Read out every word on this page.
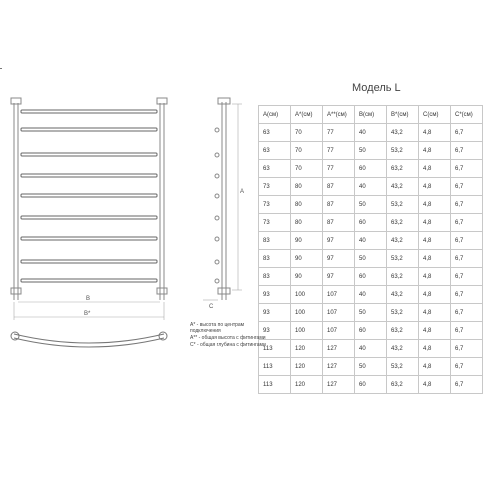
B
B*
A
C
Модель L
A(см)	A*(см)	A**(см)	B(см)	B*(см)	C(см)	C*(см)
63	70	77	40	43,2	4,8	6,7
63	70	77	50	53,2	4,8	6,7
63	70	77	60	63,2	4,8	6,7
73	80	87	40	43,2	4,8	6,7
73	80	87	50	53,2	4,8	6,7
73	80	87	60	63,2	4,8	6,7
83	90	97	40	43,2	4,8	6,7
83	90	97	50	53,2	4,8	6,7
83	90	97	60	63,2	4,8	6,7
93	100	107	40	43,2	4,8	6,7
93	100	107	50	53,2	4,8	6,7
93	100	107	60	63,2	4,8	6,7
113	120	127	40	43,2	4,8	6,7
113	120	127	50	53,2	4,8	6,7
113	120	127	60	63,2	4,8	6,7

A* - высота по центрам подключения

A** - общая высота с фитингами

C* - общая глубина с фитингами
